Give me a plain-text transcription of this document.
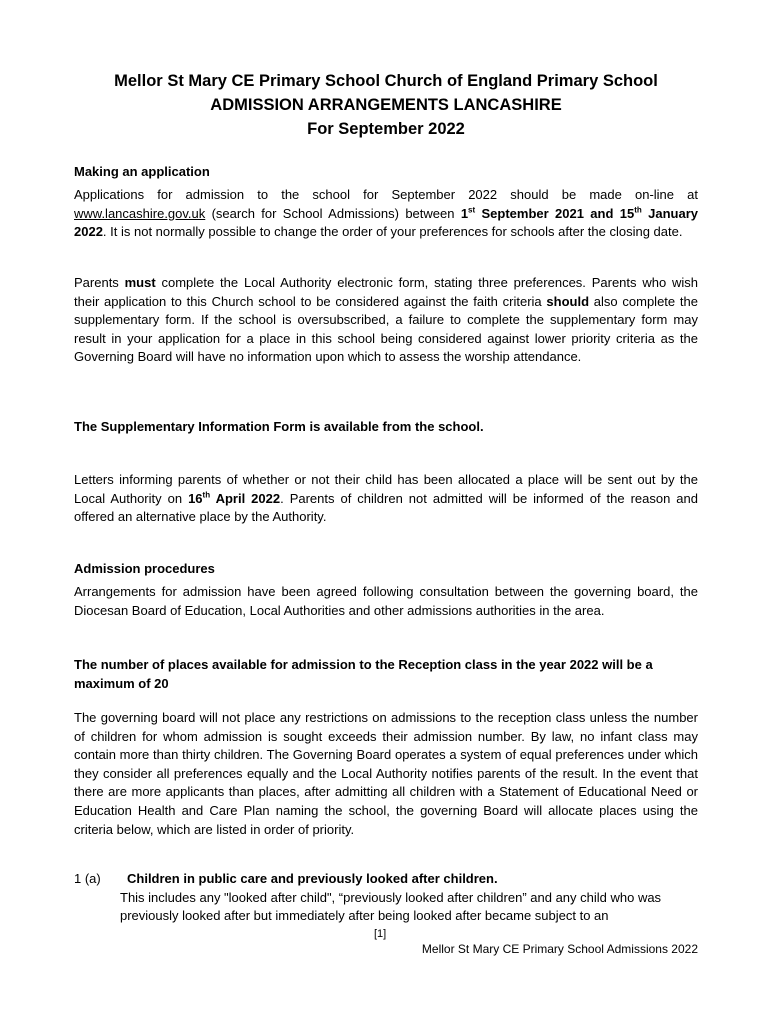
Mellor St Mary CE Primary School Church of England Primary School
ADMISSION ARRANGEMENTS LANCASHIRE
For September 2022
Making an application
Applications for admission to the school for September 2022 should be made on-line at www.lancashire.gov.uk (search for School Admissions) between 1st September 2021 and 15th January 2022. It is not normally possible to change the order of your preferences for schools after the closing date.
Parents must complete the Local Authority electronic form, stating three preferences. Parents who wish their application to this Church school to be considered against the faith criteria should also complete the supplementary form. If the school is oversubscribed, a failure to complete the supplementary form may result in your application for a place in this school being considered against lower priority criteria as the Governing Board will have no information upon which to assess the worship attendance.
The Supplementary Information Form is available from the school.
Letters informing parents of whether or not their child has been allocated a place will be sent out by the Local Authority on 16th April 2022. Parents of children not admitted will be informed of the reason and offered an alternative place by the Authority.
Admission procedures
Arrangements for admission have been agreed following consultation between the governing board, the Diocesan Board of Education, Local Authorities and other admissions authorities in the area.
The number of places available for admission to the Reception class in the year 2022 will be a maximum of 20
The governing board will not place any restrictions on admissions to the reception class unless the number of children for whom admission is sought exceeds their admission number. By law, no infant class may contain more than thirty children. The Governing Board operates a system of equal preferences under which they consider all preferences equally and the Local Authority notifies parents of the result. In the event that there are more applicants than places, after admitting all children with a Statement of Educational Need or Education Health and Care Plan naming the school, the governing Board will allocate places using the criteria below, which are listed in order of priority.
1 (a) Children in public care and previously looked after children.
This includes any "looked after child", “previously looked after children” and any child who was previously looked after but immediately after being looked after became subject to an
[1]
Mellor St Mary CE Primary School Admissions 2022
